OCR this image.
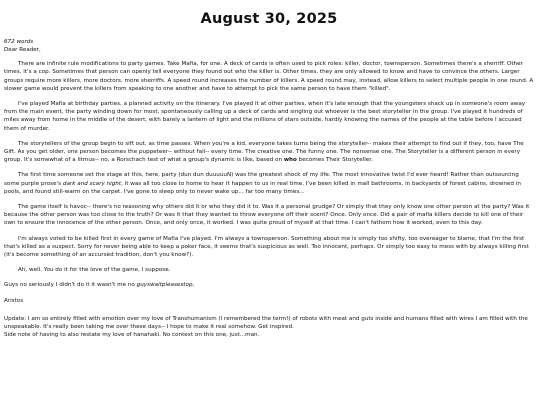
August 30, 2025
672 words
Dear Reader,

There are infinite rule modifications to party games. Take Mafia, for one. A deck of cards is often used to pick roles: killer, doctor, townsperson. Sometimes there's a sherriff. Other times, it's a cop. Sometimes that person can openly tell everyone they found out who the killer is. Other times, they are only allowed to know and have to convince the others. Larger groups require more killers, more doctors, more sherriffs. A speed round increases the number of killers. A speed round may, instead, allow killers to select multiple people in one round. A slower game would prevent the killers from speaking to one another and have to attempt to pick the same person to have them "killed".

I've played Mafia at birthday parties, a planned activity on the itinerary. I've played it at other parties, when it's late enough that the youngsters shack up in someone's room away from the main event, the party winding down for most, spontaneously calling up a deck of cards and singling out whoever is the best storyteller in the group. I've played it hundreds of miles away from home in the middle of the desert, with barely a lantern of light and the millions of stars outside, hardly knowing the names of the people at the table before I accused them of murder.

The storytellers of the group begin to sift out, as time passes. When you're a kid, everyone takes turns being the storyteller-- makes their attempt to find out if they, too, have The Gift. As you get older, one person becomes the puppeteer-- without fail-- every time. The creative one. The funny one. The nonsense one. The Storyteller is a different person in every group. It's somewhat of a litmus-- no, a Rorschach test of what a group's dynamic is like, based on who becomes Their Storyteller.

The first time someone set the stage at this, here, party (dun dun duuuuuN) was the greatest shock of my life. The most innovative twist I'd ever heard! Rather than outsourcing some purple prose's dark and scary night, it was all too close to home to hear it happen to us in real time. I've been killed in mall bathrooms, in backyards of forest cabins, drowned in pools, and found still-warm on the carpet. I've gone to sleep only to never wake up... far too many times...

The game itself is havoc-- there's no reasoning why others did it or who they did it to. Was it a personal grudge? Or simply that they only know one other person at the party? Was it because the other person was too close to the truth? Or was it that they wanted to throw everyone off their scent? Once. Only once. Did a pair of mafia killers decide to kill one of their own to ensure the innocence of the other person. Once, and only once, it worked. I was quite proud of myself at that time. I can't fathom how it worked, even to this day.

I'm always voted to be killed first in every game of Mafia I've played. I'm always a townsperson. Something about me is simply too shifty, too overeager to blame, that I'm the first that's killed as a suspect. Sorry for never being able to keep a poker face, it seems that's suspicious as well. Too innocent, perhaps. Or simply too easy to mess with by always killing first (it's become something of an accursèd tradition, don't you know?).

Ah, well. You do it for the love of the game, I suppose.

Guys no seriously I didn't do it it wasn't me no guyswaitpleasestop,

Aristos

Update: I am so entirely filled with emotion over my love of Transhumanism (I remembered the term!) of robots with meat and guts inside and humans filled with wires I am filled with the unspeakable. It's really been taking me over these days-- I hope to make it real somehow. Get inspired.

Side note of having to also restate my love of hanahaki. No context on this one, just...man.
